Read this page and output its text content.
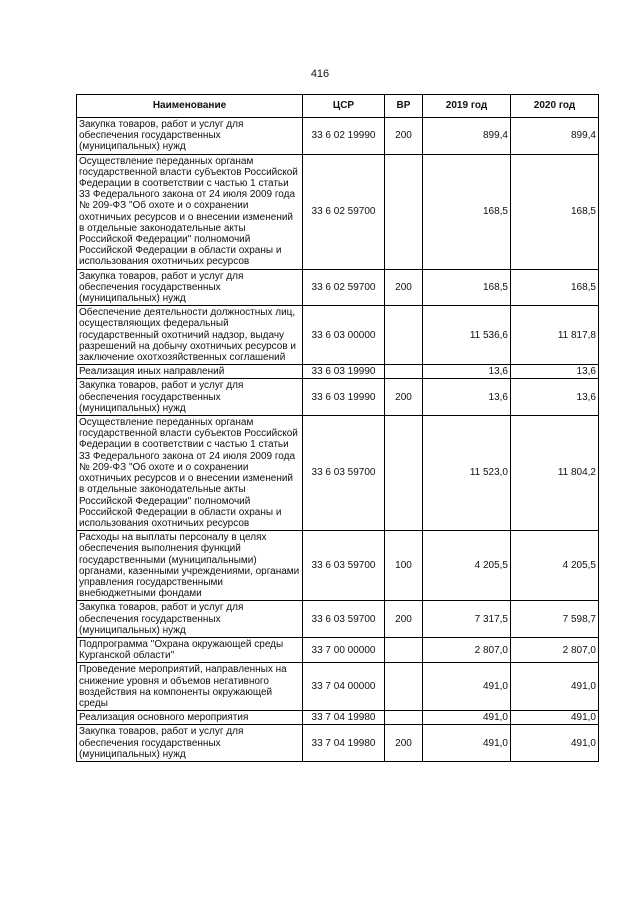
416
Наименование	ЦСР	ВР	2019 год	2020 год
Закупка товаров, работ и услуг для обеспечения государственных (муниципальных) нужд	33 6 02 19990	200	899,4	899,4
Осуществление переданных органам государственной власти субъектов Российской Федерации в соответствии с частью 1 статьи 33 Федерального закона от 24 июля 2009 года № 209-ФЗ "Об охоте и о сохранении охотничьих ресурсов и о внесении изменений в отдельные законодательные акты Российской Федерации" полномочий Российской Федерации в области охраны и использования охотничьих ресурсов	33 6 02 59700		168,5	168,5
Закупка товаров, работ и услуг для обеспечения государственных (муниципальных) нужд	33 6 02 59700	200	168,5	168,5
Обеспечение деятельности должностных лиц, осуществляющих федеральный государственный охотничий надзор, выдачу разрешений на добычу охотничьих ресурсов и заключение охотхозяйственных соглашений	33 6 03 00000		11 536,6	11 817,8
Реализация иных направлений	33 6 03 19990		13,6	13,6
Закупка товаров, работ и услуг для обеспечения государственных (муниципальных) нужд	33 6 03 19990	200	13,6	13,6
Осуществление переданных органам государственной власти субъектов Российской Федерации в соответствии с частью 1 статьи 33 Федерального закона от 24 июля 2009 года № 209-ФЗ "Об охоте и о сохранении охотничьих ресурсов и о внесении изменений в отдельные законодательные акты Российской Федерации" полномочий Российской Федерации в области охраны и использования охотничьих ресурсов	33 6 03 59700		11 523,0	11 804,2
Расходы на выплаты персоналу в целях обеспечения выполнения функций государственными (муниципальными) органами, казенными учреждениями, органами управления государственными внебюджетными фондами	33 6 03 59700	100	4 205,5	4 205,5
Закупка товаров, работ и услуг для обеспечения государственных (муниципальных) нужд	33 6 03 59700	200	7 317,5	7 598,7
Подпрограмма "Охрана окружающей среды Курганской области"	33 7 00 00000		2 807,0	2 807,0
Проведение мероприятий, направленных на снижение уровня и объемов негативного воздействия на компоненты окружающей среды	33 7 04 00000		491,0	491,0
Реализация основного мероприятия	33 7 04 19980		491,0	491,0
Закупка товаров, работ и услуг для обеспечения государственных (муниципальных) нужд	33 7 04 19980	200	491,0	491,0
